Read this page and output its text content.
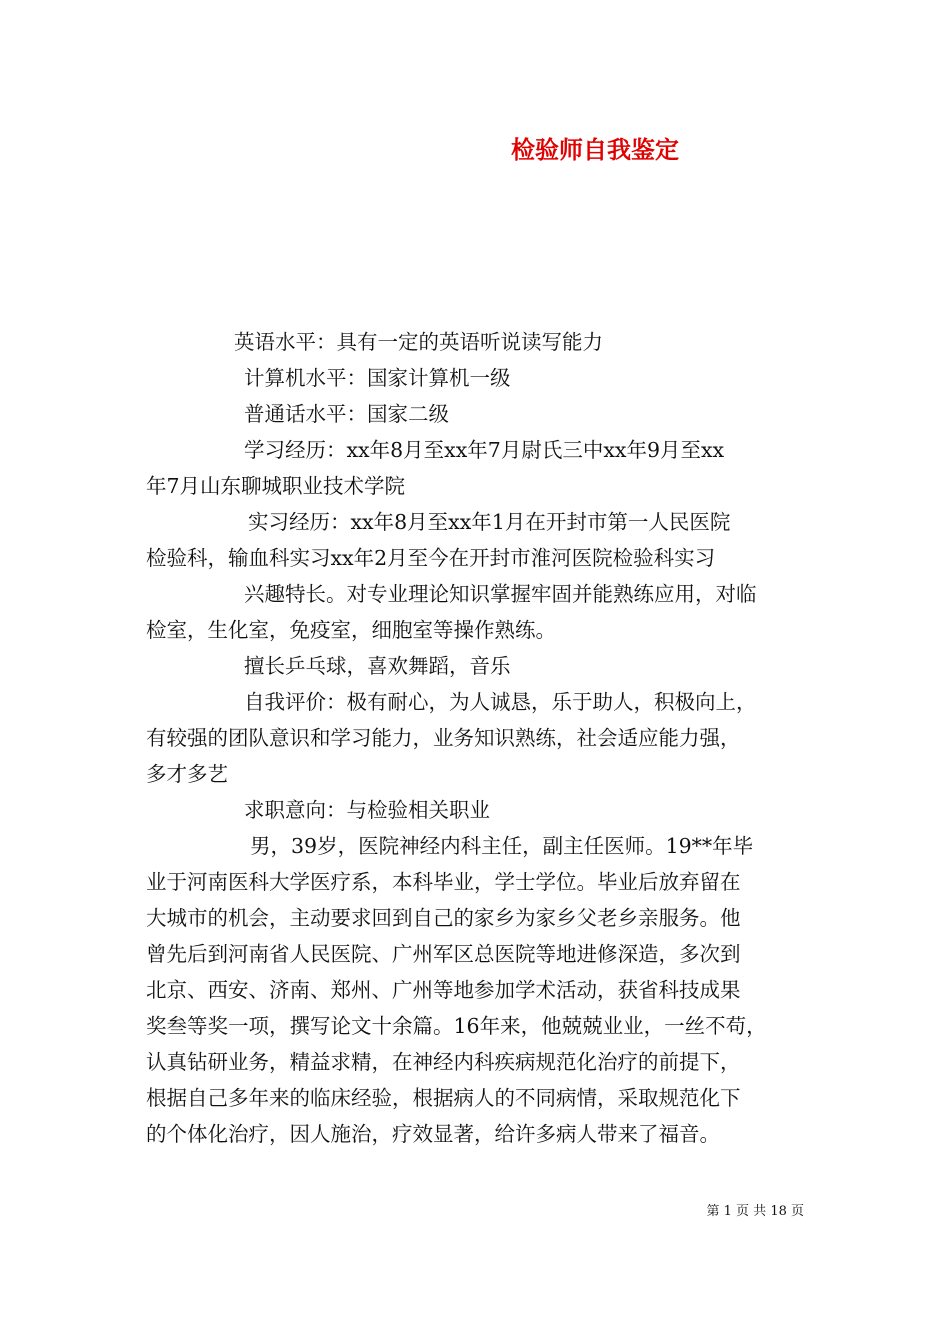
检验师自我鉴定
英语水平：具有一定的英语听说读写能力
计算机水平：国家计算机一级
普通话水平：国家二级
学习经历：xx年8月至xx年7月尉氏三中xx年9月至xx
年7月山东聊城职业技术学院
实习经历：xx年8月至xx年1月在开封市第一人民医院
检验科，输血科实习xx年2月至今在开封市淮河医院检验科实习
兴趣特长。对专业理论知识掌握牢固并能熟练应用，对临
检室，生化室，免疫室，细胞室等操作熟练。
擅长乒乓球，喜欢舞蹈，音乐
自我评价：极有耐心，为人诚恳，乐于助人，积极向上，
有较强的团队意识和学习能力，业务知识熟练，社会适应能力强，
多才多艺
求职意向：与检验相关职业
男，39岁，医院神经内科主任，副主任医师。19**年毕
业于河南医科大学医疗系，本科毕业，学士学位。毕业后放弃留在
大城市的机会，主动要求回到自己的家乡为家乡父老乡亲服务。他
曾先后到河南省人民医院、广州军区总医院等地进修深造，多次到
北京、西安、济南、郑州、广州等地参加学术活动，获省科技成果
奖叁等奖一项，撰写论文十余篇。16年来，他兢兢业业，一丝不苟，
认真钻研业务，精益求精，在神经内科疾病规范化治疗的前提下，
根据自己多年来的临床经验，根据病人的不同病情，采取规范化下
的个体化治疗，因人施治，疗效显著，给许多病人带来了福音。
第 1 页 共 18 页
